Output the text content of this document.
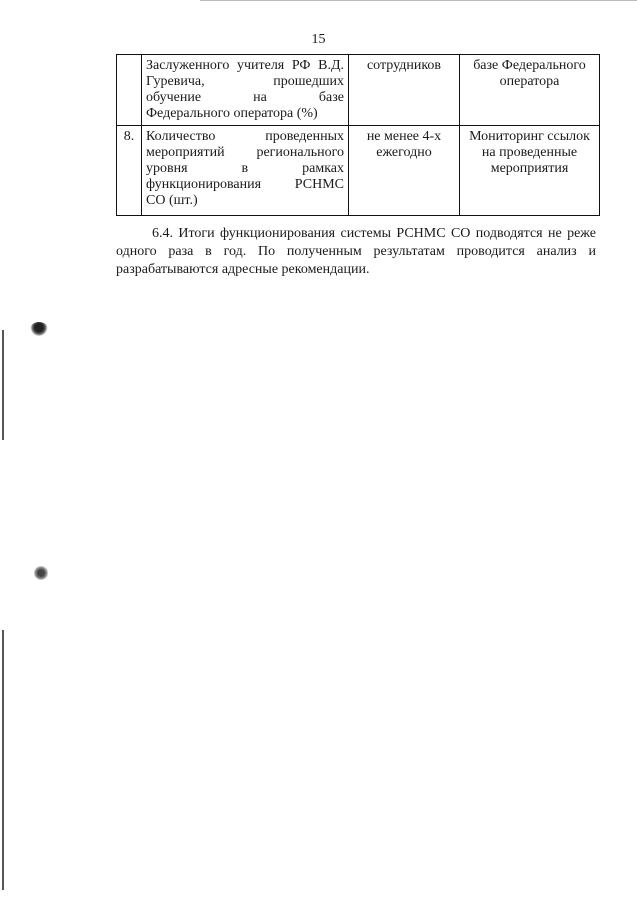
15

	Заслуженного учителя РФ В.Д.
Гуревича, прошедших
обучение на базе
Федерального оператора (%)	сотрудников	базе Федерального оператора
8.	Количество проведенных
мероприятий регионального
уровня в рамках
функционирования РСНМС
СО (шт.)	не менее 4-х ежегодно	Мониторинг ссылок на проведенные мероприятия
6.4. Итоги функционирования системы РСНМС СО подводятся не реже одного раза в год. По полученным результатам проводится анализ и разрабатываются адресные рекомендации.
